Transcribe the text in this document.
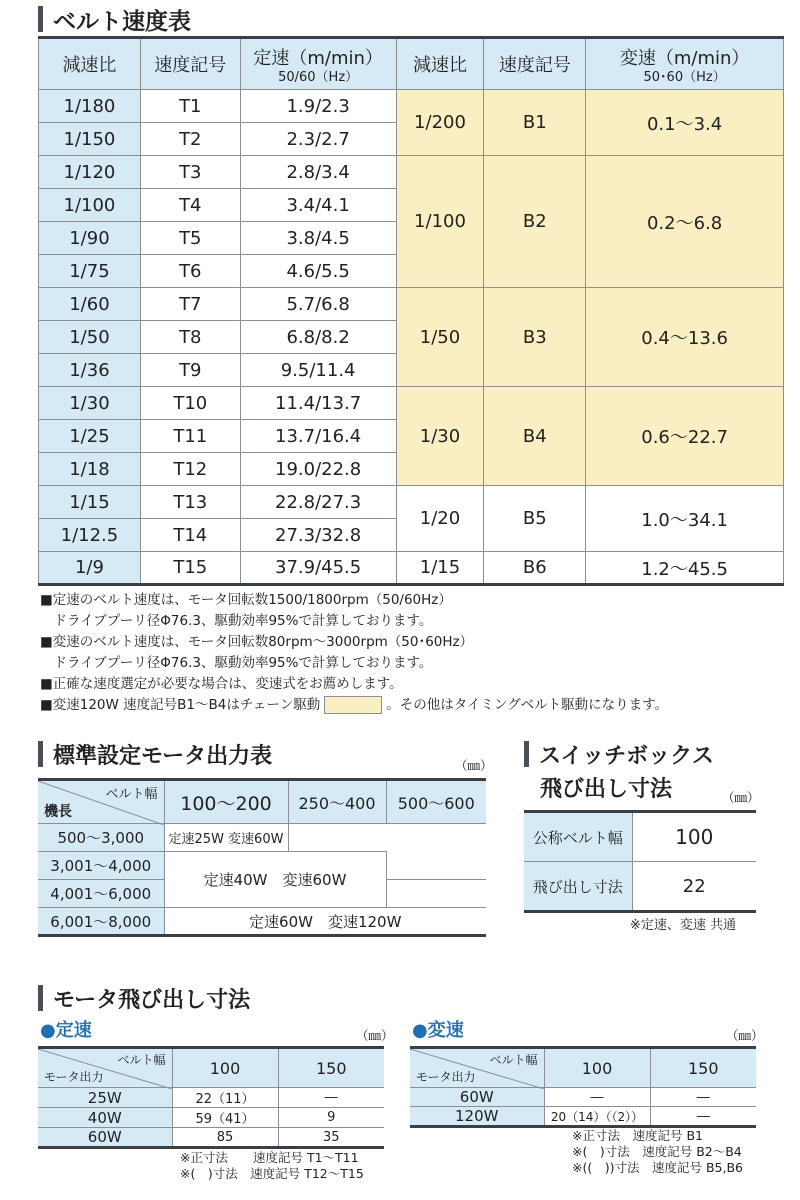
ベルト速度表
減速比	速度記号	定速（m/min）
50/60（Hz）	減速比	速度記号	変速（m/min）
50･60（Hz）

1/180	T1	1.9/2.3	1/200	B1	0.1～3.4
1/150	T2	2.3/2.7			
1/120	T3	2.8/3.4	1/100	B2	0.2～6.8
1/100	T4	3.4/4.1			
1/90	T5	3.8/4.5			
1/75	T6	4.6/5.5			
1/60	T7	5.7/6.8	1/50	B3	0.4～13.6
1/50	T8	6.8/8.2			
1/36	T9	9.5/11.4			
1/30	T10	11.4/13.7	1/30	B4	0.6～22.7
1/25	T11	13.7/16.4			
1/18	T12	19.0/22.8			
1/15	T13	22.8/27.3	1/20	B5	1.0～34.1
1/12.5	T14	27.3/32.8			
1/9	T15	37.9/45.5	1/15	B6	1.2～45.5
■定速のベルト速度は、モータ回転数1500/1800rpm（50/60Hz）
　ドライブプーリ径Φ76.3、駆動効率95%で計算しております。
■変速のベルト速度は、モータ回転数80rpm～3000rpm（50･60Hz）
　ドライブプーリ径Φ76.3、駆動効率95%で計算しております。
■正確な速度選定が必要な場合は、変速式をお薦めします。
■変速120W 速度記号B1～B4はチェーン駆動	。その他はタイミングベルト駆動になります。
標準設定モータ出力表	（㎜）
ベルト幅
機長	100～200	250～400	500～600
500～3,000	定速25W 変速60W		
3,001～4,000	定速40W　変速60W		
4,001～6,000			
6,001～8,000	定速60W　変速120W		
スイッチボックス
飛び出し寸法	（㎜）
公称ベルト幅	100
飛び出し寸法	22
※定速、変速 共通
モータ飛び出し寸法
●定速	（㎜）
ベルト幅
モータ出力	100	150
25W	22（11）	―
40W	59（41）	9
60W	85	35
※正寸法　　速度記号 T1～T11
※(　)寸法　速度記号 T12～T15
●変速	（㎜）
ベルト幅
モータ出力	100	150
60W	―	―
120W	20（14）（（2））	―
※正寸法　速度記号 B1
※(　)寸法　速度記号 B2～B4
※((　))寸法　速度記号 B5,B6
